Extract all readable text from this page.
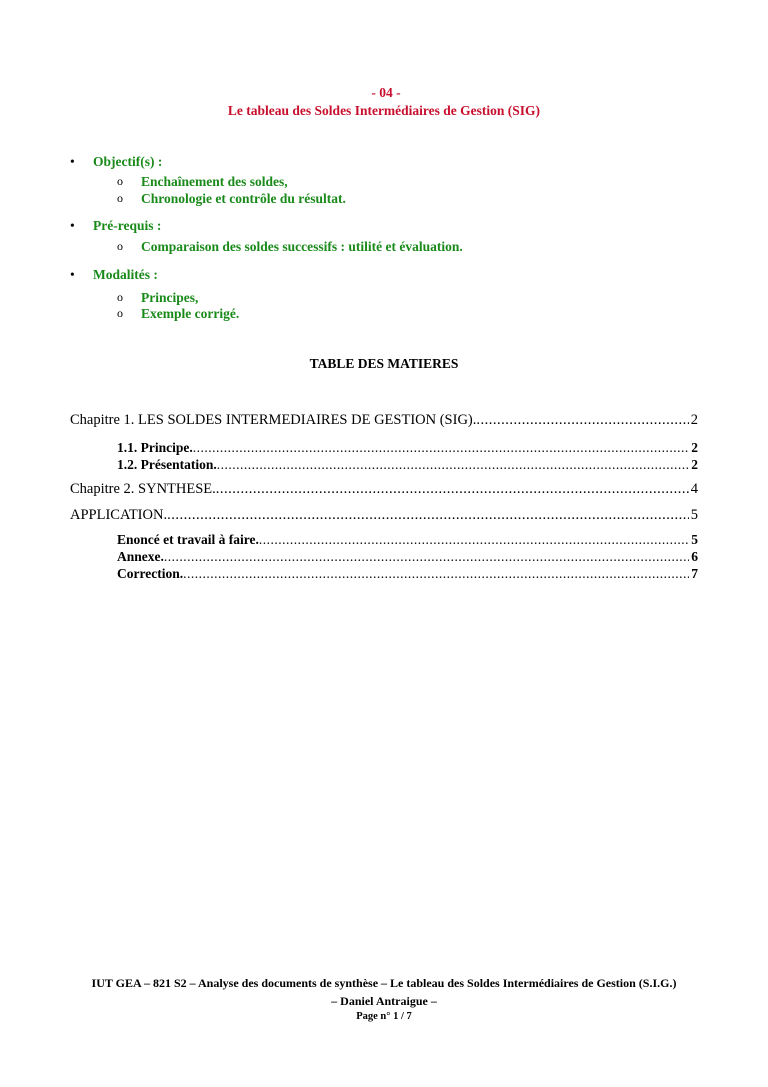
- 04 -
Le tableau des Soldes Intermédiaires de Gestion (SIG)
• Objectif(s) :
o Enchaînement des soldes,
o Chronologie et contrôle du résultat.
• Pré-requis :
o Comparaison des soldes successifs : utilité et évaluation.
• Modalités :
o Principes,
o Exemple corrigé.
TABLE DES MATIERES
Chapitre 1. LES SOLDES INTERMEDIAIRES DE GESTION (SIG). .....	2
1.1. Principe. .....	2
1.2. Présentation. .....	2
Chapitre 2. SYNTHESE. .....	4
APPLICATION. .....	5
Enoncé et travail à faire. .....	5
Annexe. .....	6
Correction. .....	7
IUT GEA – 821 S2 – Analyse des documents de synthèse – Le tableau des Soldes Intermédiaires de Gestion (S.I.G.)
– Daniel Antraigue –
Page n° 1 / 7
